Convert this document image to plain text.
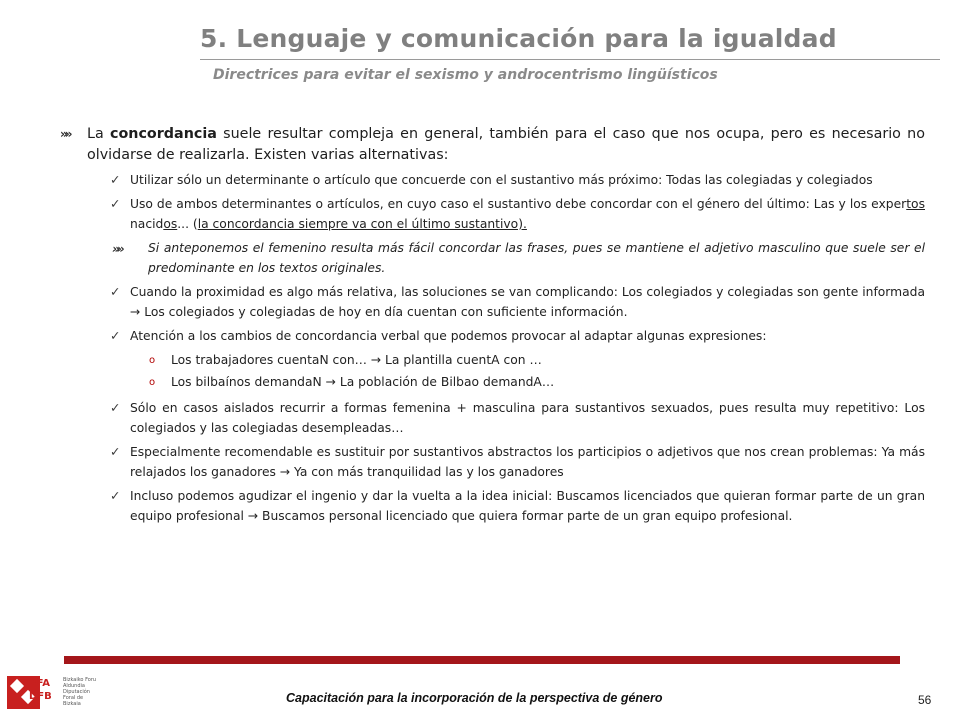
5. Lenguaje y comunicación para la igualdad
Directrices para evitar el sexismo y androcentrismo lingüísticos
»» La concordancia suele resultar compleja en general, también para el caso que nos ocupa, pero es necesario no olvidarse de realizarla. Existen varias alternativas:
✓ Utilizar sólo un determinante o artículo que concuerde con el sustantivo más próximo: Todas las colegiadas y colegiados
✓ Uso de ambos determinantes o artículos, en cuyo caso el sustantivo debe concordar con el género del último: Las y los expertos nacidos... (la concordancia siempre va con el último sustantivo).
»» Si anteponemos el femenino resulta más fácil concordar las frases, pues se mantiene el adjetivo masculino que suele ser el predominante en los textos originales.
✓ Cuando la proximidad es algo más relativa, las soluciones se van complicando: Los colegiados y colegiadas son gente informada → Los colegiados y colegiadas de hoy en día cuentan con suficiente información.
✓ Atención a los cambios de concordancia verbal que podemos provocar al adaptar algunas expresiones:
o Los trabajadores cuentaN con… → La plantilla cuentA con …
o Los bilbaínos demandaN → La población de Bilbao demandA…
✓ Sólo en casos aislados recurrir a formas femenina + masculina para sustantivos sexuados, pues resulta muy repetitivo: Los colegiados y las colegiadas desempleadas…
✓ Especialmente recomendable es sustituir por sustantivos abstractos los participios o adjetivos que nos crean problemas: Ya más relajados los ganadores → Ya con más tranquilidad las y los ganadores
✓ Incluso podemos agudizar el ingenio y dar la vuelta a la idea inicial: Buscamos licenciados que quieran formar parte de un gran equipo profesional → Buscamos personal licenciado que quiera formar parte de un gran equipo profesional.
BFA
DFB
Bizkaiko Foru
Aldundia
Diputación
Foral de Bizkaia	Capacitación para la incorporación de la perspectiva de género	56
